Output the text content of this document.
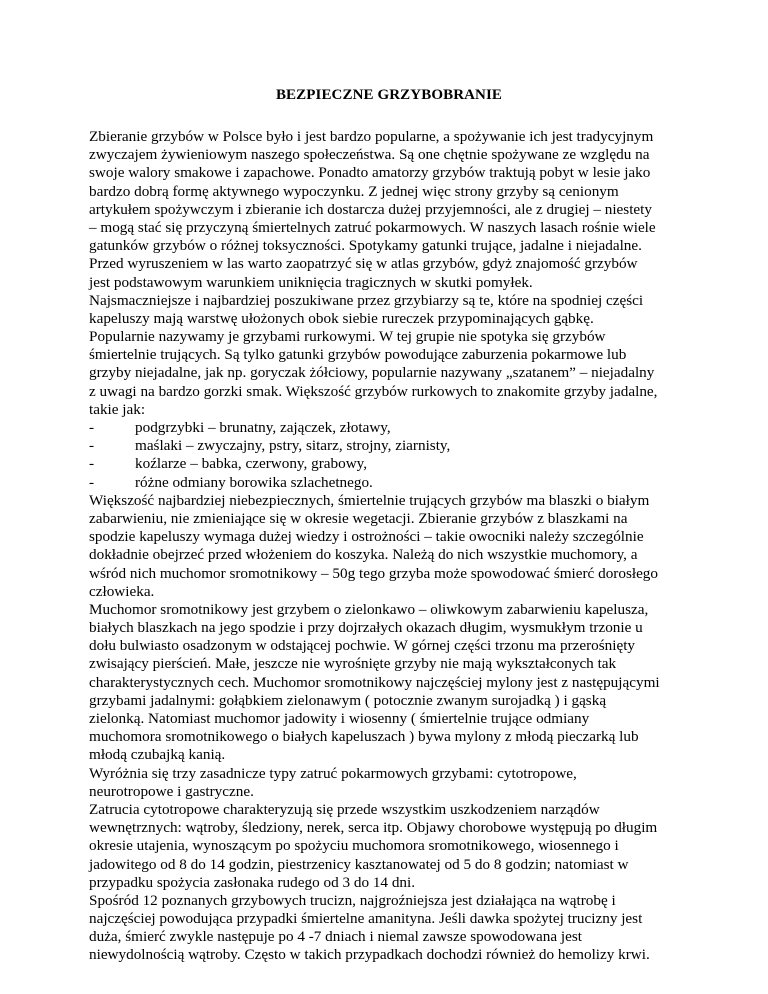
BEZPIECZNE GRZYBOBRANIE
Zbieranie grzybów w Polsce było i jest bardzo popularne, a spożywanie ich jest tradycyjnym
zwyczajem żywieniowym naszego społeczeństwa. Są one chętnie spożywane ze względu na
swoje walory smakowe i zapachowe. Ponadto amatorzy grzybów traktują pobyt w lesie jako
bardzo dobrą formę aktywnego wypoczynku. Z jednej więc strony grzyby są cenionym
artykułem spożywczym i zbieranie ich dostarcza dużej przyjemności, ale z drugiej – niestety
– mogą stać się przyczyną śmiertelnych zatruć pokarmowych. W naszych lasach rośnie wiele
gatunków grzybów o różnej toksyczności. Spotykamy gatunki trujące, jadalne i niejadalne.
Przed wyruszeniem w las warto zaopatrzyć się w atlas grzybów, gdyż znajomość grzybów
jest podstawowym warunkiem uniknięcia tragicznych w skutki pomyłek.
Najsmaczniejsze i najbardziej poszukiwane przez grzybiarzy są te, które na spodniej części
kapeluszy mają warstwę ułożonych obok siebie rureczek przypominających gąbkę.
Popularnie nazywamy je grzybami rurkowymi. W tej grupie nie spotyka się grzybów
śmiertelnie trujących. Są tylko gatunki grzybów powodujące zaburzenia pokarmowe lub
grzyby niejadalne, jak np. goryczak żółciowy, popularnie nazywany „szatanem” – niejadalny
z uwagi na bardzo gorzki smak. Większość grzybów rurkowych to znakomite grzyby jadalne,
takie jak:
-	podgrzybki – brunatny, zajączek, złotawy,
-	maślaki – zwyczajny, pstry, sitarz, strojny, ziarnisty,
-	koźlarze – babka, czerwony, grabowy,
-	różne odmiany borowika szlachetnego.
Większość najbardziej niebezpiecznych, śmiertelnie trujących grzybów ma blaszki o białym
zabarwieniu, nie zmieniające się w okresie wegetacji. Zbieranie grzybów z blaszkami na
spodzie kapeluszy wymaga dużej wiedzy i ostrożności – takie owocniki należy szczególnie
dokładnie obejrzeć przed włożeniem do koszyka. Należą do nich wszystkie muchomory, a
wśród nich muchomor sromotnikowy – 50g tego grzyba może spowodować śmierć dorosłego
człowieka.
Muchomor sromotnikowy jest grzybem o zielonkawo – oliwkowym zabarwieniu kapelusza,
białych blaszkach na jego spodzie i przy dojrzałych okazach długim, wysmukłym trzonie u
dołu bulwiasto osadzonym w odstającej pochwie. W górnej części trzonu ma przerośnięty
zwisający pierścień. Małe, jeszcze nie wyrośnięte grzyby nie mają wykształconych tak
charakterystycznych cech. Muchomor sromotnikowy najczęściej mylony jest z następującymi
grzybami jadalnymi: gołąbkiem zielonawym ( potocznie zwanym surojadką ) i gąską
zielonką. Natomiast muchomor jadowity i wiosenny ( śmiertelnie trujące odmiany
muchomora sromotnikowego o białych kapeluszach ) bywa mylony z młodą pieczarką lub
młodą czubajką kanią.
Wyróżnia się trzy zasadnicze typy zatruć pokarmowych grzybami: cytotropowe,
neurotropowe i gastryczne.
Zatrucia cytotropowe charakteryzują się przede wszystkim uszkodzeniem narządów
wewnętrznych: wątroby, śledziony, nerek, serca itp. Objawy chorobowe występują po długim
okresie utajenia, wynoszącym po spożyciu muchomora sromotnikowego, wiosennego i
jadowitego od 8 do 14 godzin, piestrzenicy kasztanowatej od 5 do 8 godzin; natomiast w
przypadku spożycia zasłonaka rudego od 3 do 14 dni.
Spośród 12 poznanych grzybowych trucizn, najgroźniejsza jest działająca na wątrobę i
najczęściej powodująca przypadki śmiertelne amanityna. Jeśli dawka spożytej trucizny jest
duża, śmierć zwykle następuje po 4 -7 dniach i niemal zawsze spowodowana jest
niewydolnością wątroby. Często w takich przypadkach dochodzi również do hemolizy krwi.
